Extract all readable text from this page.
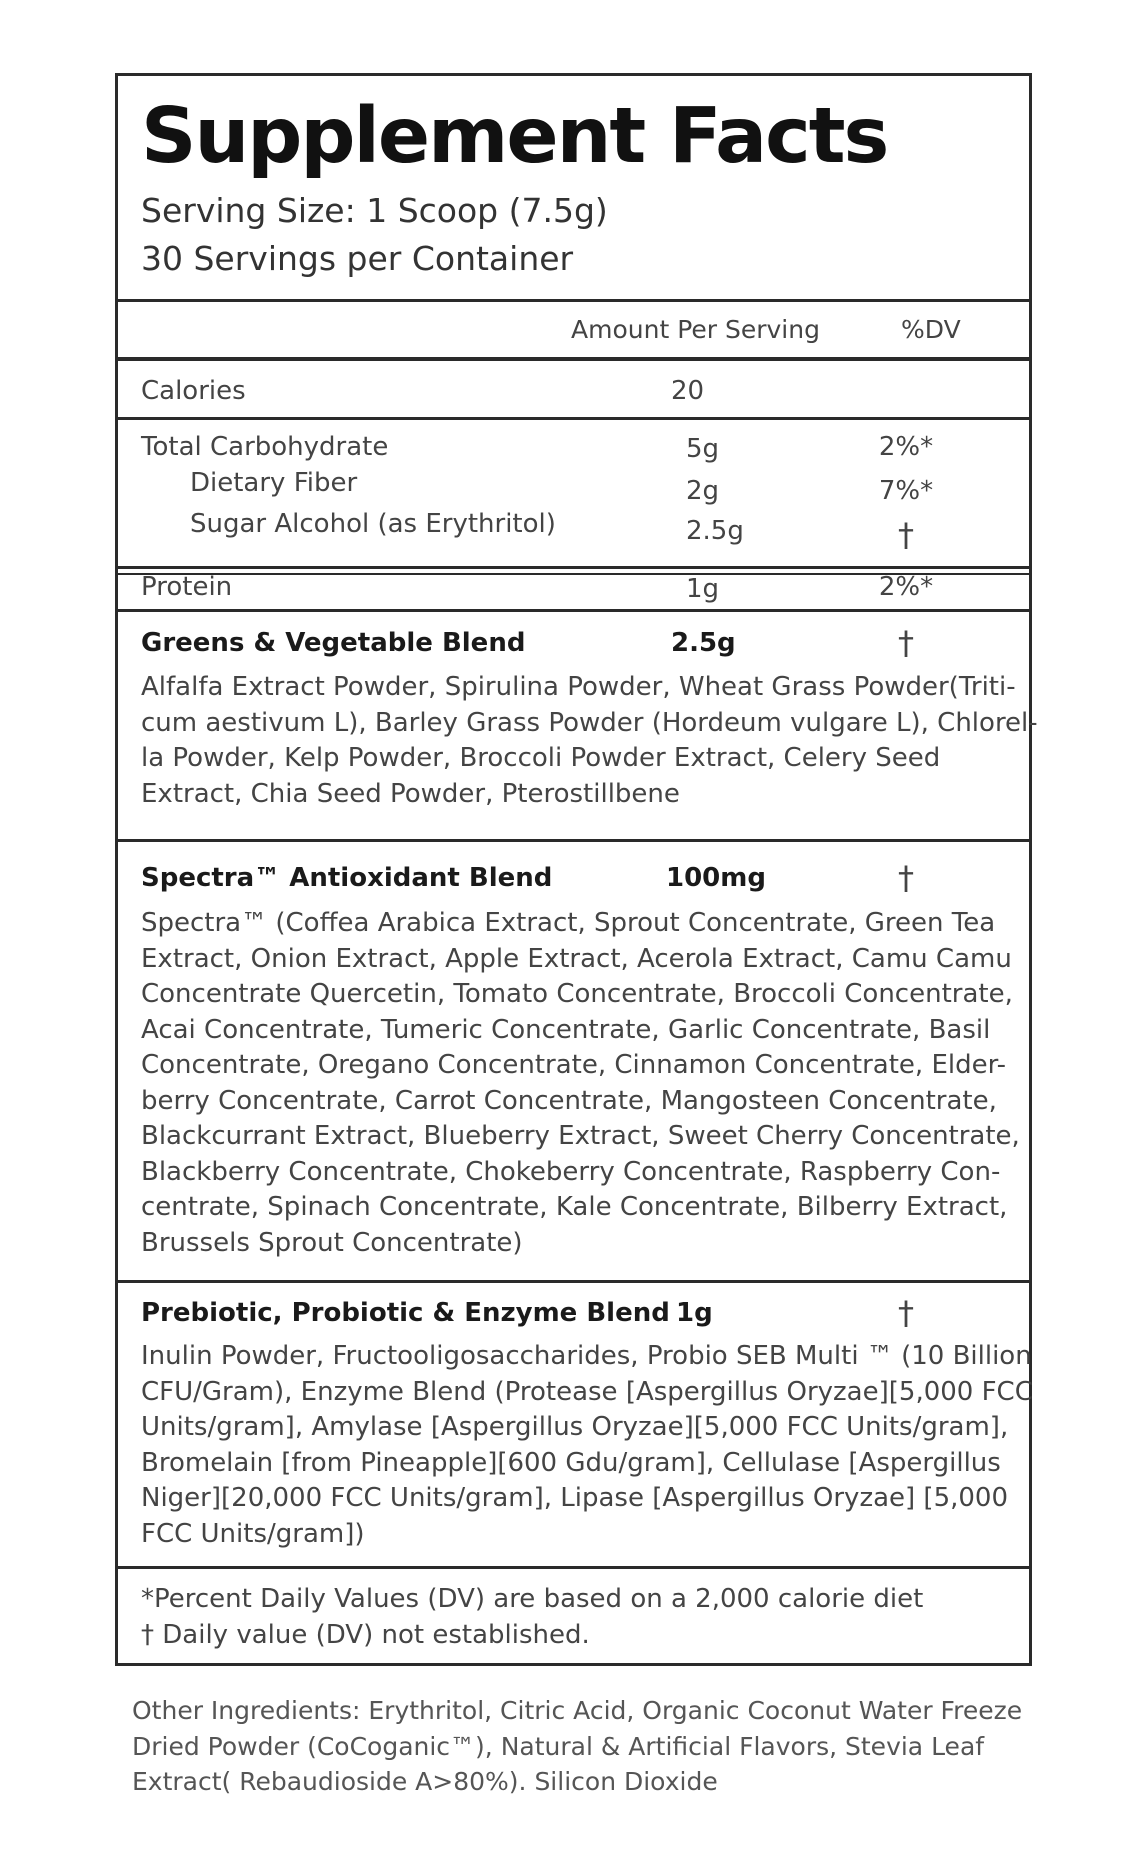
Supplement Facts
Serving Size: 1 Scoop (7.5g)
30 Servings per Container
Amount Per Serving	%DV
Calories	20
Total Carbohydrate	5g	2%*
Dietary Fiber	2g	7%*
Sugar Alcohol (as Erythritol)	2.5g	†
Protein	1g	2%*
Greens & Vegetable Blend	2.5g	†
Alfalfa Extract Powder, Spirulina Powder, Wheat Grass Powder(Triti-
cum aestivum L), Barley Grass Powder (Hordeum vulgare L), Chlorel-
la Powder, Kelp Powder, Broccoli Powder Extract, Celery Seed
Extract, Chia Seed Powder, Pterostillbene
Spectra™ Antioxidant Blend	100mg	†
Spectra™ (Coffea Arabica Extract, Sprout Concentrate, Green Tea
Extract, Onion Extract, Apple Extract, Acerola Extract, Camu Camu
Concentrate Quercetin, Tomato Concentrate, Broccoli Concentrate,
Acai Concentrate, Tumeric Concentrate, Garlic Concentrate, Basil
Concentrate, Oregano Concentrate, Cinnamon Concentrate, Elder-
berry Concentrate, Carrot Concentrate, Mangosteen Concentrate,
Blackcurrant Extract, Blueberry Extract, Sweet Cherry Concentrate,
Blackberry Concentrate, Chokeberry Concentrate, Raspberry Con-
centrate, Spinach Concentrate, Kale Concentrate, Bilberry Extract,
Brussels Sprout Concentrate)
Prebiotic, Probiotic & Enzyme Blend 1g	†
Inulin Powder, Fructooligosaccharides, Probio SEB Multi ™ (10 Billion
CFU/Gram), Enzyme Blend (Protease [Aspergillus Oryzae][5,000 FCC
Units/gram], Amylase [Aspergillus Oryzae][5,000 FCC Units/gram],
Bromelain [from Pineapple][600 Gdu/gram], Cellulase [Aspergillus
Niger][20,000 FCC Units/gram], Lipase [Aspergillus Oryzae] [5,000
FCC Units/gram])
*Percent Daily Values (DV) are based on a 2,000 calorie diet
† Daily value (DV) not established.
Other Ingredients: Erythritol, Citric Acid, Organic Coconut Water Freeze
Dried Powder (CoCoganic™), Natural & Artificial Flavors, Stevia Leaf
Extract( Rebaudioside A>80%). Silicon Dioxide
